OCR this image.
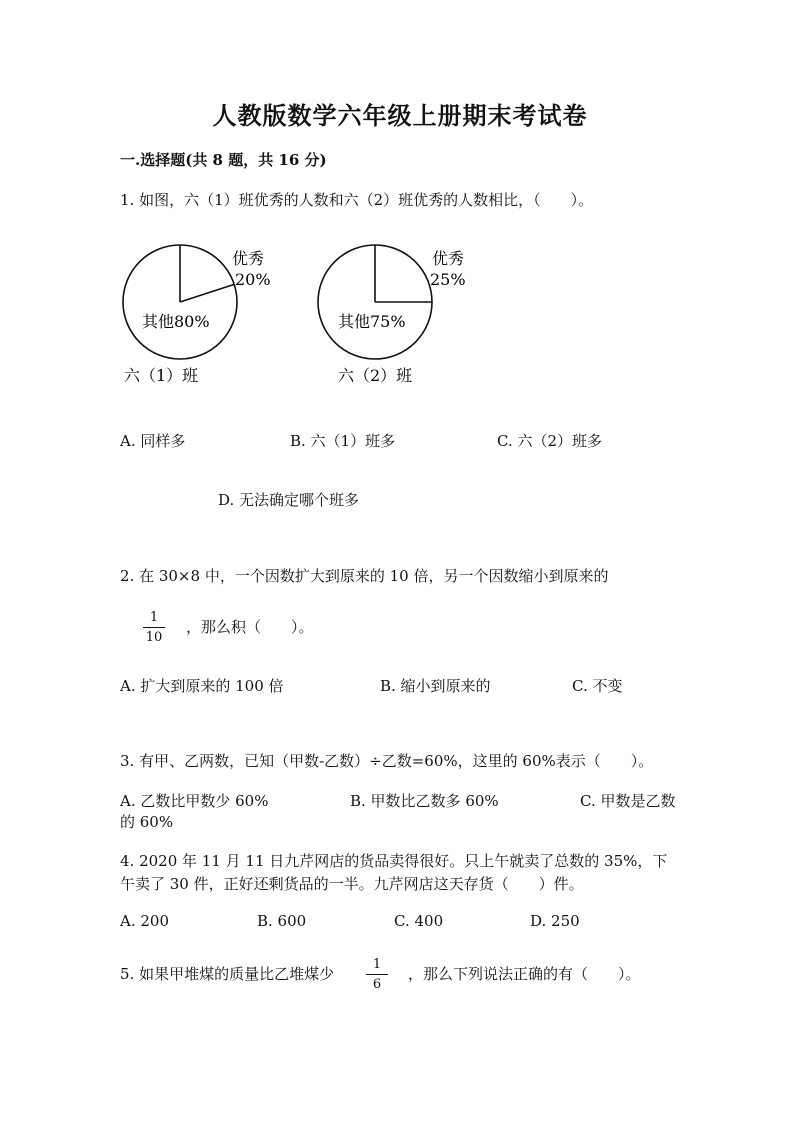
人教版数学六年级上册期末考试卷
一.选择题(共 8 题，共 16 分)
1. 如图，六（1）班优秀的人数和六（2）班优秀的人数相比，（　　）。
优秀
20%
其他80%
六（1）班
优秀
25%
其他75%
六（2）班
A. 同样多	B. 六（1）班多	C. 六（2）班多
D. 无法确定哪个班多
2. 在 30×8 中，一个因数扩大到原来的 10 倍，另一个因数缩小到原来的
1
10
，那么积（　　）。
A. 扩大到原来的 100 倍	B. 缩小到原来的	C. 不变
3. 有甲、乙两数，已知（甲数-乙数）÷乙数=60%，这里的 60%表示（　　）。
A. 乙数比甲数少 60%	B. 甲数比乙数多 60%	C. 甲数是乙数
的 60%
4. 2020 年 11 月 11 日九芹网店的货品卖得很好。只上午就卖了总数的 35%，下
午卖了 30 件，正好还剩货品的一半。九芹网店这天存货（　　）件。
A. 200	B. 600	C. 400	D. 250
5. 如果甲堆煤的质量比乙堆煤少
1
6
，那么下列说法正确的有（　　）。
